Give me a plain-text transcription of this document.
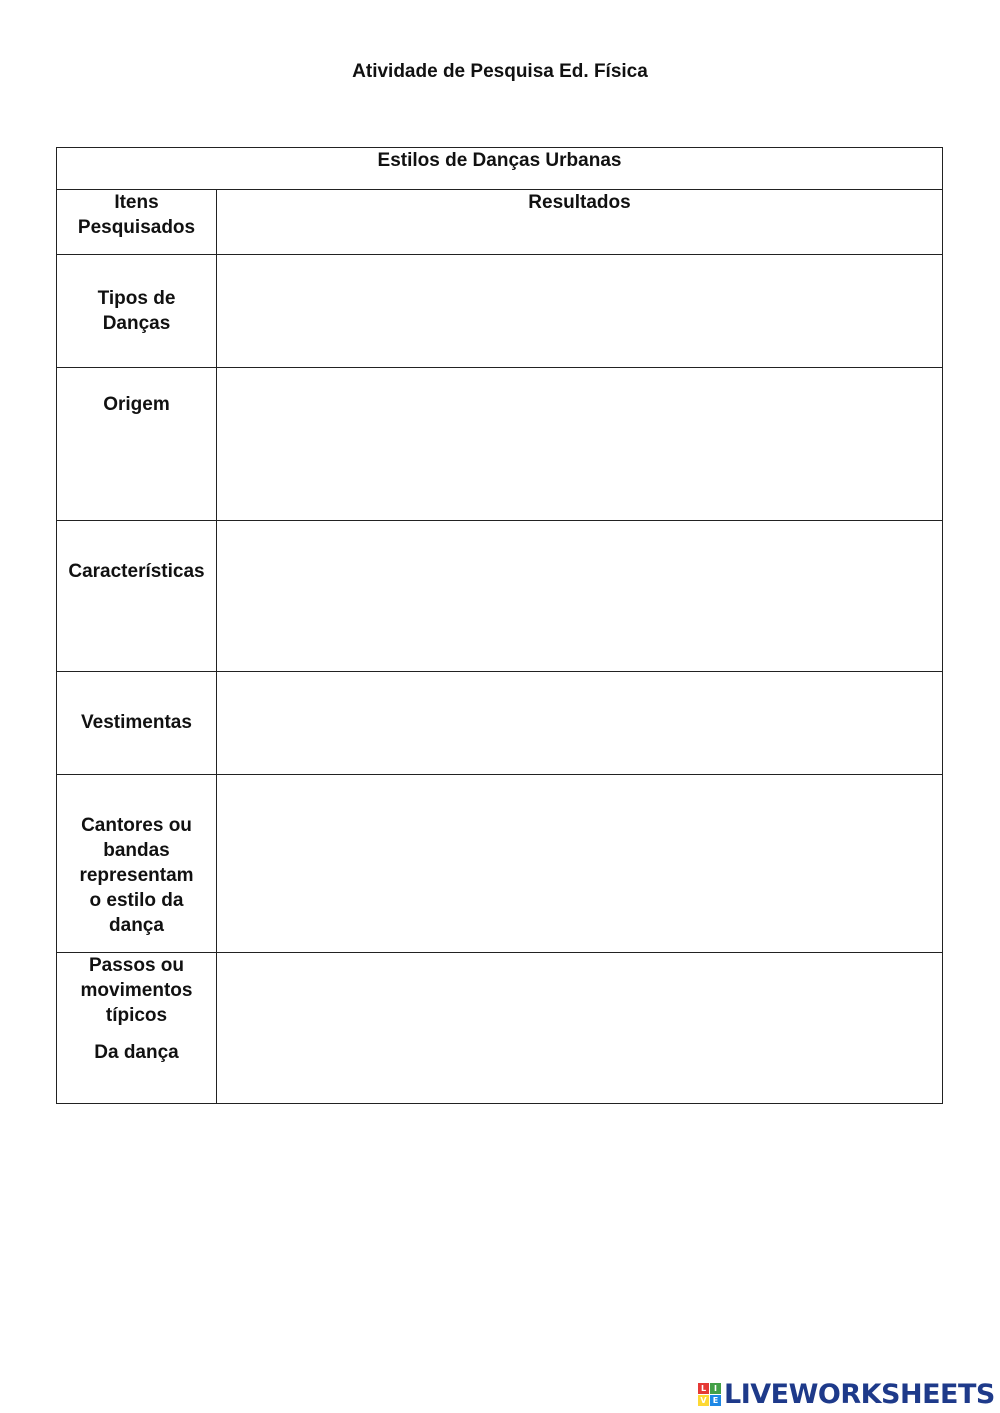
Atividade de Pesquisa Ed. Física
Estilos de Danças Urbanas	

Itens
Pesquisados	Resultados

Tipos de
Danças	

Origem	

Características	

Vestimentas	

Cantores ou
bandas
representam
o estilo da
dança	

Passos ou
movimentos
típicos
Da dança	

L I
V E LIVEWORKSHEETS
